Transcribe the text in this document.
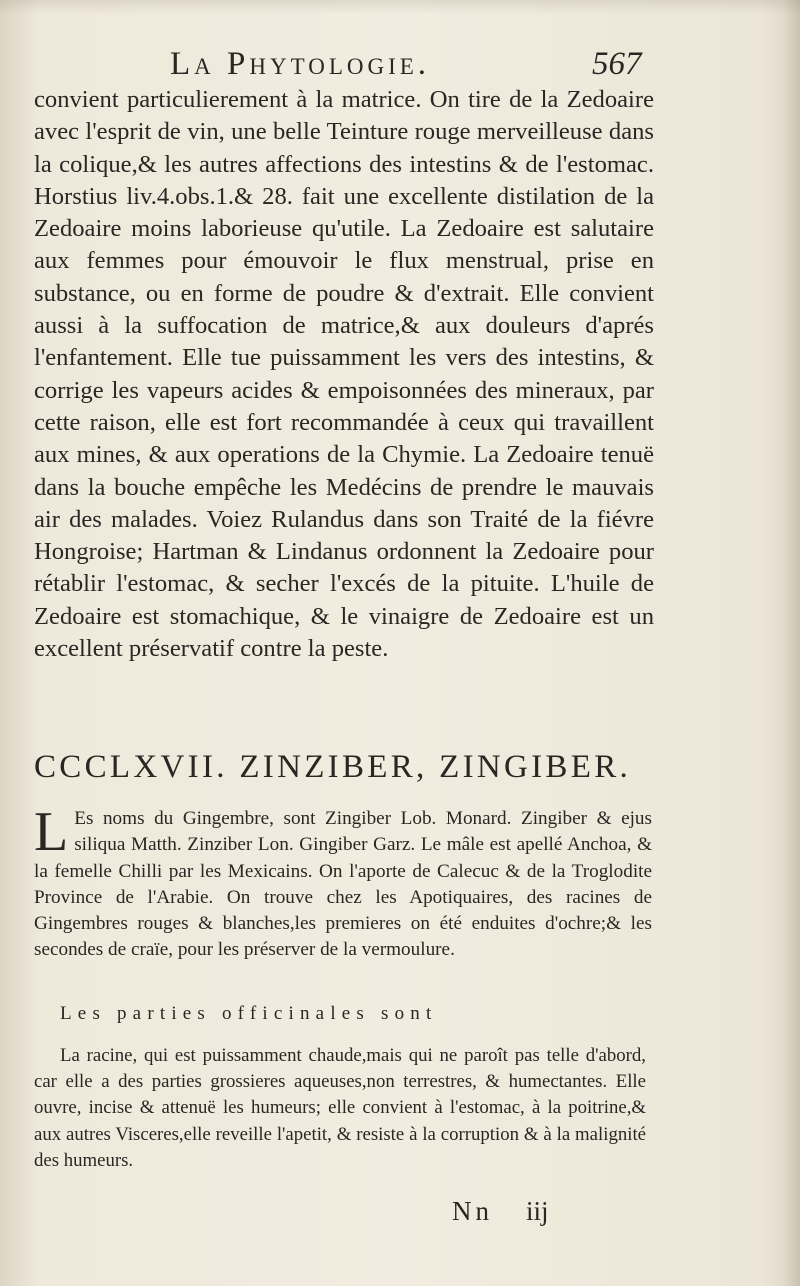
La Phytologie.	567

convient particulierement à la matrice. On tire de la Zedoaire avec l'esprit de vin, une belle Teinture rouge merveilleuse dans la colique,& les autres affections des intestins & de l'estomac. Horstius liv.4.obs.1.& 28. fait une excellente distilation de la Zedoaire moins laborieuse qu'utile. La Zedoaire est salutaire aux femmes pour émouvoir le flux menstrual, prise en substance, ou en forme de poudre & d'extrait. Elle convient aussi à la suffocation de matrice,& aux douleurs d'aprés l'enfantement. Elle tue puissamment les vers des intestins, & corrige les vapeurs acides & empoisonnées des mineraux, par cette raison, elle est fort recommandée à ceux qui travaillent aux mines, & aux operations de la Chymie. La Zedoaire tenuë dans la bouche empêche les Medécins de prendre le mauvais air des malades. Voiez Rulandus dans son Traité de la fiévre Hongroise; Hartman & Lindanus ordonnent la Zedoaire pour rétablir l'estomac, & secher l'excés de la pituite. L'huile de Zedoaire est stomachique, & le vinaigre de Zedoaire est un excellent préservatif contre la peste.

CCCLXVII. ZINZIBER, ZINGIBER.
L Es noms du Gingembre, sont Zingiber Lob. Monard. Zingiber & ejus siliqua Matth. Zinziber Lon. Gingiber Garz. Le mâle est apellé Anchoa, & la femelle Chilli par les Mexicains. On l'aporte de Calecuc & de la Troglodite Province de l'Arabie. On trouve chez les Apotiquaires, des racines de Gingembres rouges & blanches,les premieres on été enduites d'ochre;& les secondes de craïe, pour les préserver de la vermoulure.

Les parties officinales sont

La racine, qui est puissamment chaude,mais qui ne paroît pas telle d'abord, car elle a des parties grossieres aqueuses,non terrestres, & humectantes. Elle ouvre, incise & attenuë les humeurs; elle convient à l'estomac, à la poitrine,& aux autres Visceres,elle reveille l'apetit, & resiste à la corruption & à la malignité des humeurs.

Nn iij
